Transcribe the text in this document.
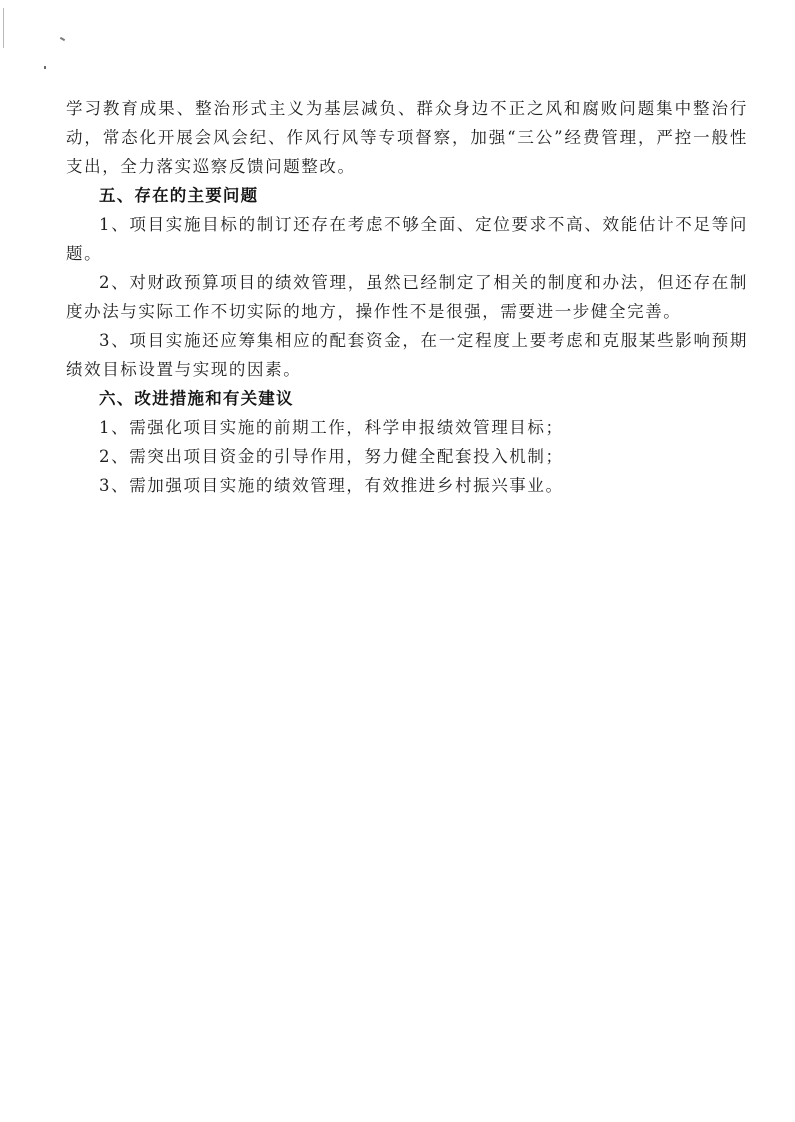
学习教育成果、整治形式主义为基层减负、群众身边不正之风和腐败问题集中整治行动，常态化开展会风会纪、作风行风等专项督察，加强“三公”经费管理，严控一般性支出，全力落实巡察反馈问题整改。

五、存在的主要问题

1、项目实施目标的制订还存在考虑不够全面、定位要求不高、效能估计不足等问题。

2、对财政预算项目的绩效管理，虽然已经制定了相关的制度和办法，但还存在制度办法与实际工作不切实际的地方，操作性不是很强，需要进一步健全完善。

3、项目实施还应筹集相应的配套资金，在一定程度上要考虑和克服某些影响预期绩效目标设置与实现的因素。

六、改进措施和有关建议

1、需强化项目实施的前期工作，科学申报绩效管理目标；

2、需突出项目资金的引导作用，努力健全配套投入机制；

3、需加强项目实施的绩效管理，有效推进乡村振兴事业。
